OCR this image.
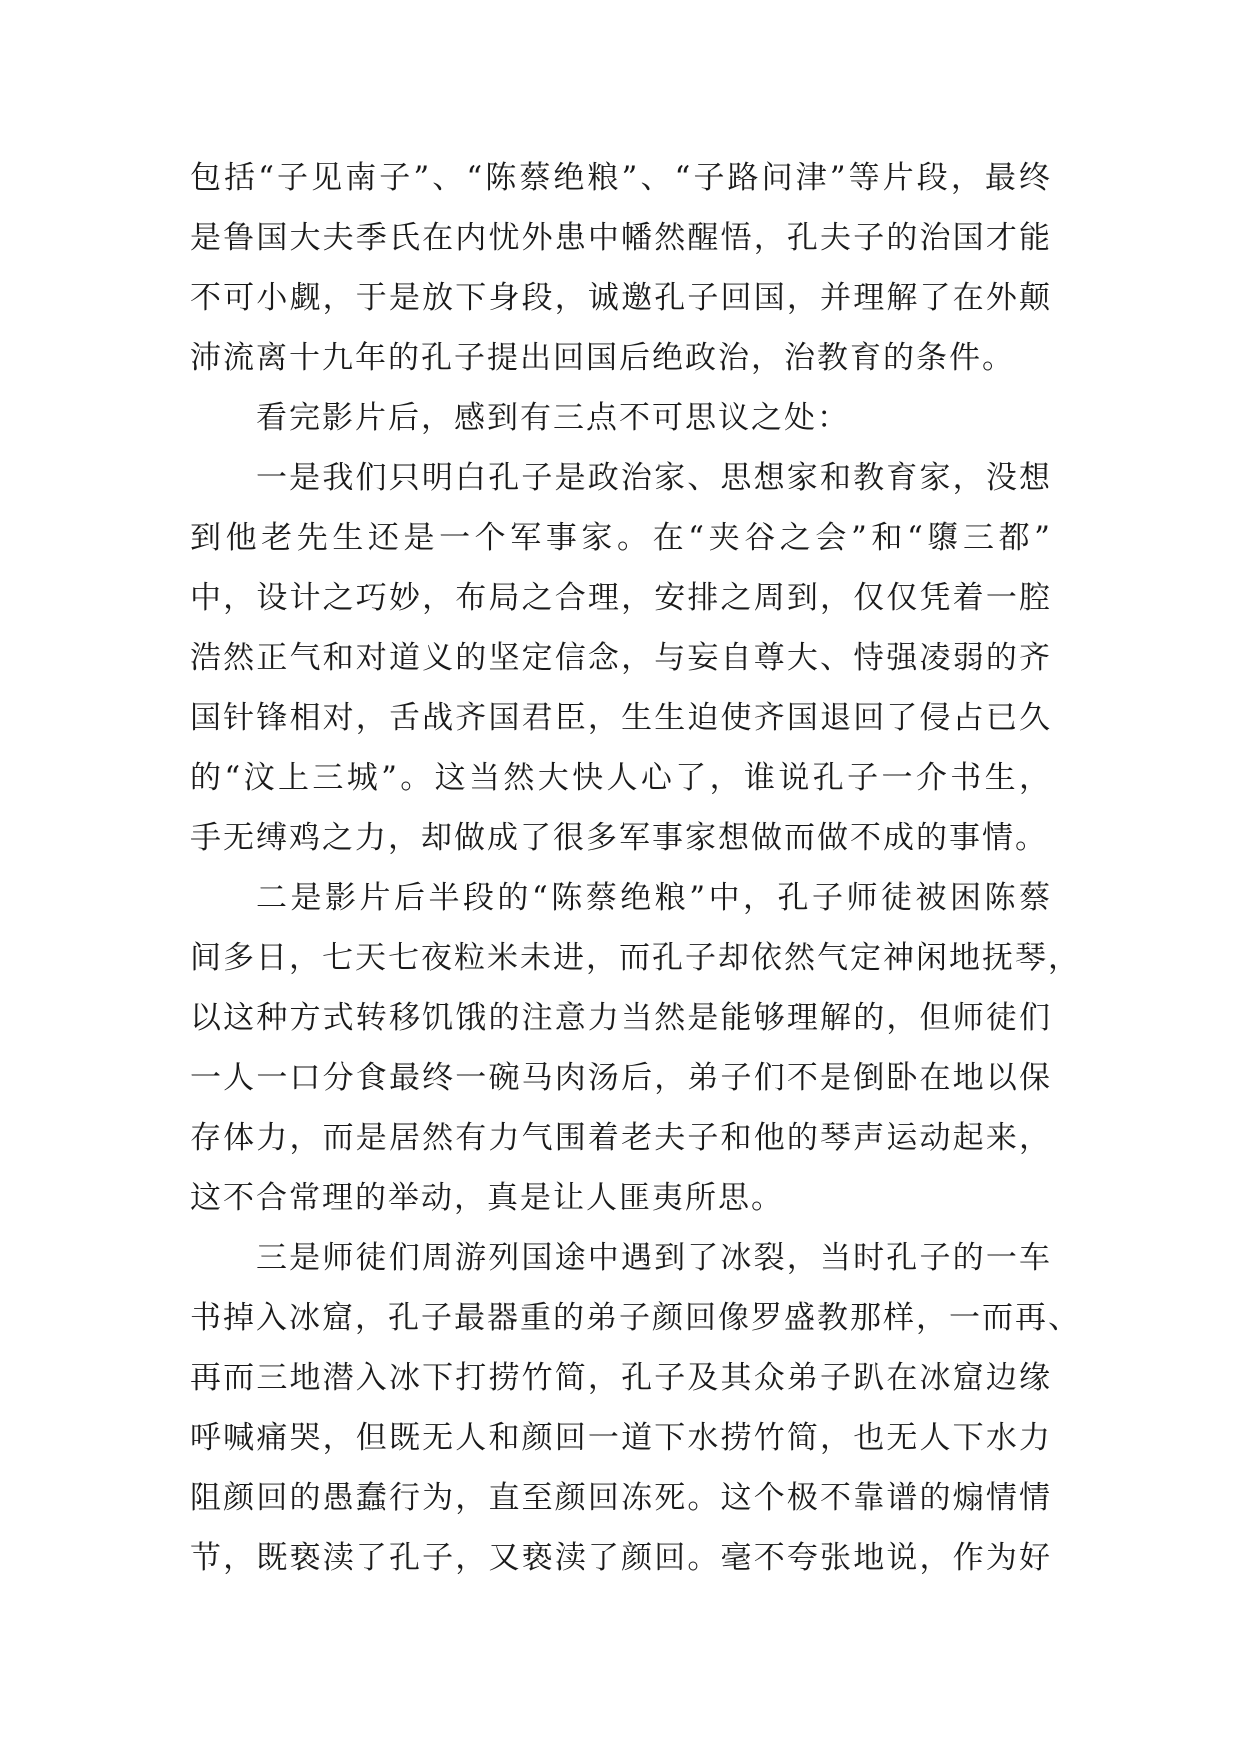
包括“子见南子”、“陈蔡绝粮”、“子路问津”等片段，最终
是鲁国大夫季氏在内忧外患中幡然醒悟，孔夫子的治国才能
不可小觑，于是放下身段，诚邀孔子回国，并理解了在外颠
沛流离十九年的孔子提出回国后绝政治，治教育的条件。
看完影片后，感到有三点不可思议之处：
一是我们只明白孔子是政治家、思想家和教育家，没想
到他老先生还是一个军事家。在“夹谷之会”和“隳三都”
中，设计之巧妙，布局之合理，安排之周到，仅仅凭着一腔
浩然正气和对道义的坚定信念，与妄自尊大、恃强凌弱的齐
国针锋相对，舌战齐国君臣，生生迫使齐国退回了侵占已久
的“汶上三城”。这当然大快人心了，谁说孔子一介书生，
手无缚鸡之力，却做成了很多军事家想做而做不成的事情。
二是影片后半段的“陈蔡绝粮”中，孔子师徒被困陈蔡
间多日，七天七夜粒米未进，而孔子却依然气定神闲地抚琴，
以这种方式转移饥饿的注意力当然是能够理解的，但师徒们
一人一口分食最终一碗马肉汤后，弟子们不是倒卧在地以保
存体力，而是居然有力气围着老夫子和他的琴声运动起来，
这不合常理的举动，真是让人匪夷所思。
三是师徒们周游列国途中遇到了冰裂，当时孔子的一车
书掉入冰窟，孔子最器重的弟子颜回像罗盛教那样，一而再、
再而三地潜入冰下打捞竹简，孔子及其众弟子趴在冰窟边缘
呼喊痛哭，但既无人和颜回一道下水捞竹简，也无人下水力
阻颜回的愚蠢行为，直至颜回冻死。这个极不靠谱的煽情情
节，既亵渎了孔子，又亵渎了颜回。毫不夸张地说，作为好
